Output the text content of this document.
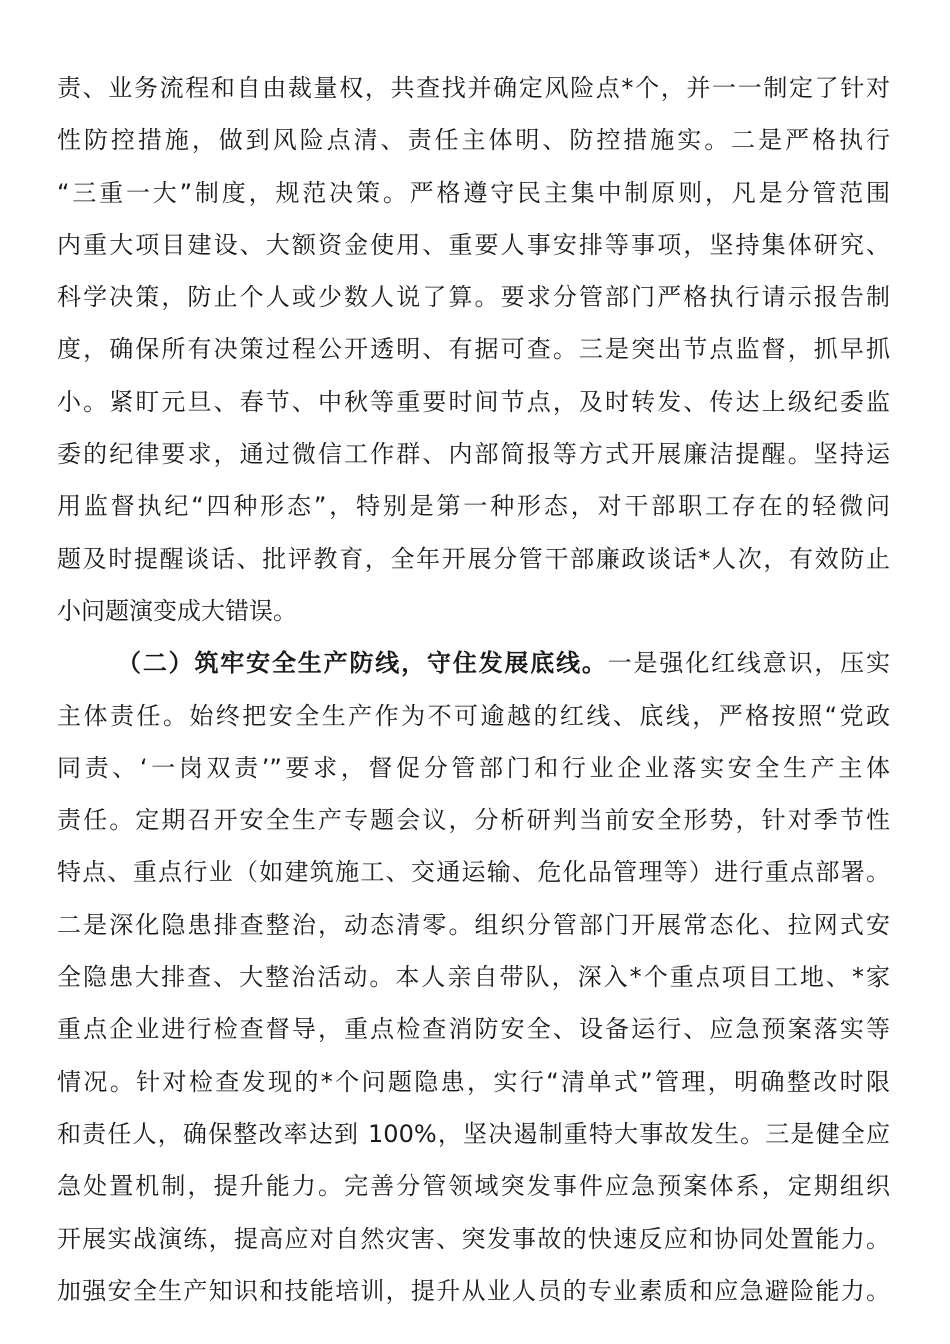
责、业务流程和自由裁量权，共查找并确定风险点*个，并一一制定了针对
性防控措施，做到风险点清、责任主体明、防控措施实。二是严格执行
“三重一大”制度，规范决策。严格遵守民主集中制原则，凡是分管范围
内重大项目建设、大额资金使用、重要人事安排等事项，坚持集体研究、
科学决策，防止个人或少数人说了算。要求分管部门严格执行请示报告制
度，确保所有决策过程公开透明、有据可查。三是突出节点监督，抓早抓
小。紧盯元旦、春节、中秋等重要时间节点，及时转发、传达上级纪委监
委的纪律要求，通过微信工作群、内部简报等方式开展廉洁提醒。坚持运
用监督执纪“四种形态”，特别是第一种形态，对干部职工存在的轻微问
题及时提醒谈话、批评教育，全年开展分管干部廉政谈话*人次，有效防止
小问题演变成大错误。
（二）筑牢安全生产防线，守住发展底线。一是强化红线意识，压实
主体责任。始终把安全生产作为不可逾越的红线、底线，严格按照“党政
同责、‘一岗双责’”要求，督促分管部门和行业企业落实安全生产主体
责任。定期召开安全生产专题会议，分析研判当前安全形势，针对季节性
特点、重点行业（如建筑施工、交通运输、危化品管理等）进行重点部署。
二是深化隐患排查整治，动态清零。组织分管部门开展常态化、拉网式安
全隐患大排查、大整治活动。本人亲自带队，深入*个重点项目工地、*家
重点企业进行检查督导，重点检查消防安全、设备运行、应急预案落实等
情况。针对检查发现的*个问题隐患，实行“清单式”管理，明确整改时限
和责任人，确保整改率达到 100%，坚决遏制重特大事故发生。三是健全应
急处置机制，提升能力。完善分管领域突发事件应急预案体系，定期组织
开展实战演练，提高应对自然灾害、突发事故的快速反应和协同处置能力。
加强安全生产知识和技能培训，提升从业人员的专业素质和应急避险能力。
